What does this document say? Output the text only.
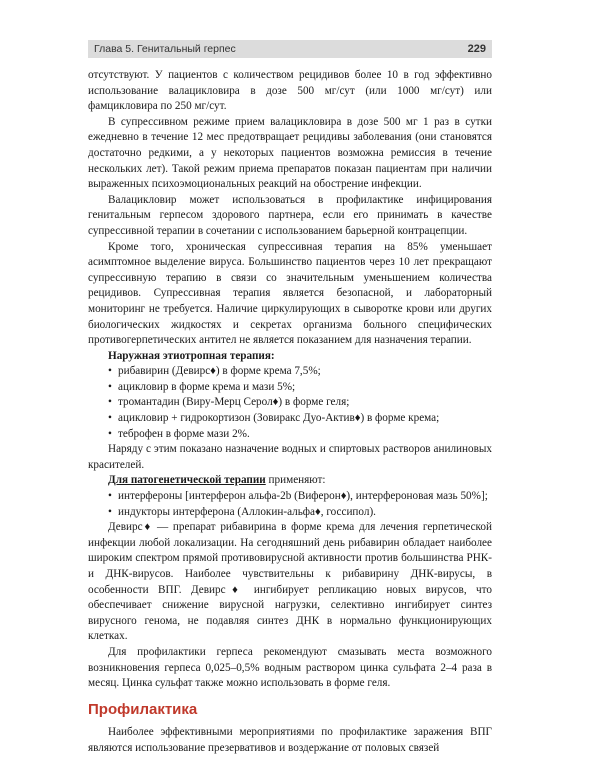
Глава 5. Генитальный герпес	229

отсутствуют. У пациентов с количеством рецидивов более 10 в год эффективно использование валацикловира в дозе 500 мг/сут (или 1000 мг/сут) или фамцикловира по 250 мг/сут.

В супрессивном режиме прием валацикловира в дозе 500 мг 1 раз в сутки ежедневно в течение 12 мес предотвращает рецидивы заболевания (они становятся достаточно редкими, а у некоторых пациентов возможна ремиссия в течение нескольких лет). Такой режим приема препаратов показан пациентам при наличии выраженных психоэмоциональных реакций на обострение инфекции.

Валацикловир может использоваться в профилактике инфицирования генитальным герпесом здорового партнера, если его принимать в качестве супрессивной терапии в сочетании с использованием барьерной контрацепции.

Кроме того, хроническая супрессивная терапия на 85% уменьшает асимптомное выделение вируса. Большинство пациентов через 10 лет прекращают супрессивную терапию в связи со значительным уменьшением количества рецидивов. Супрессивная терапия является безопасной, и лабораторный мониторинг не требуется. Наличие циркулирующих в сыворотке крови или других биологических жидкостях и секретах организма больного специфических противогерпетических антител не является показанием для назначения терапии.

Наружная этиотропная терапия:

• рибавирин (Девирс♦) в форме крема 7,5%;
• ацикловир в форме крема и мази 5%;
• тромантадин (Виру-Мерц Серол♦) в форме геля;
• ацикловир + гидрокортизон (Зовиракс Дуо-Актив♦) в форме крема;
• теброфен в форме мази 2%.

Наряду с этим показано назначение водных и спиртовых растворов анилиновых красителей.

Для патогенетической терапии применяют:

• интерфероны [интерферон альфа-2b (Виферон♦), интерфероновая мазь 50%];
• индукторы интерферона (Аллокин-альфа♦, госсипол).

Девирс♦ — препарат рибавирина в форме крема для лечения герпетической инфекции любой локализации. На сегодняшний день рибавирин обладает наиболее широким спектром прямой противовирусной активности против большинства РНК- и ДНК-вирусов. Наиболее чувствительны к рибавирину ДНК-вирусы, в особенности ВПГ. Девирс♦ ингибирует репликацию новых вирусов, что обеспечивает снижение вирусной нагрузки, селективно ингибирует синтез вирусного генома, не подавляя синтез ДНК в нормально функционирующих клетках.

Для профилактики герпеса рекомендуют смазывать места возможного возникновения герпеса 0,025–0,5% водным раствором цинка сульфата 2–4 раза в месяц. Цинка сульфат также можно использовать в форме геля.

Профилактика

Наиболее эффективными мероприятиями по профилактике заражения ВПГ являются использование презервативов и воздержание от половых связей
